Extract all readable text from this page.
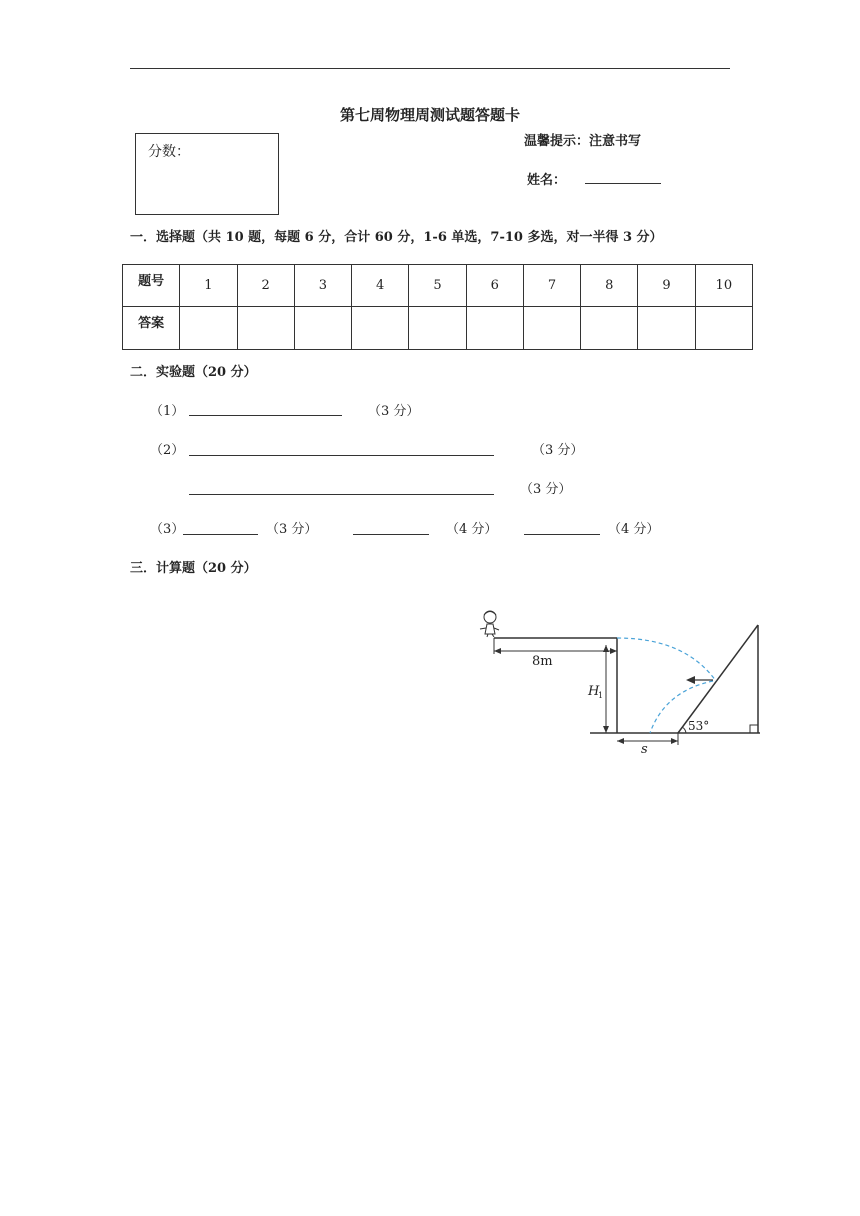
第七周物理周测试题答题卡
分数：
温馨提示：注意书写
姓名：
一．选择题（共 10 题，每题 6 分，合计 60 分，1-6 单选，7-10 多选，对一半得 3 分）
题号	1	2	3	4	5	6	7	8	9	10
答案										
二．实验题（20 分）
（1）	（3 分）
（2）	（3 分）
（3 分）
（3）	（3 分）	（4 分）	（4 分）
三．计算题（20 分）
8m
H
1
s
53°
